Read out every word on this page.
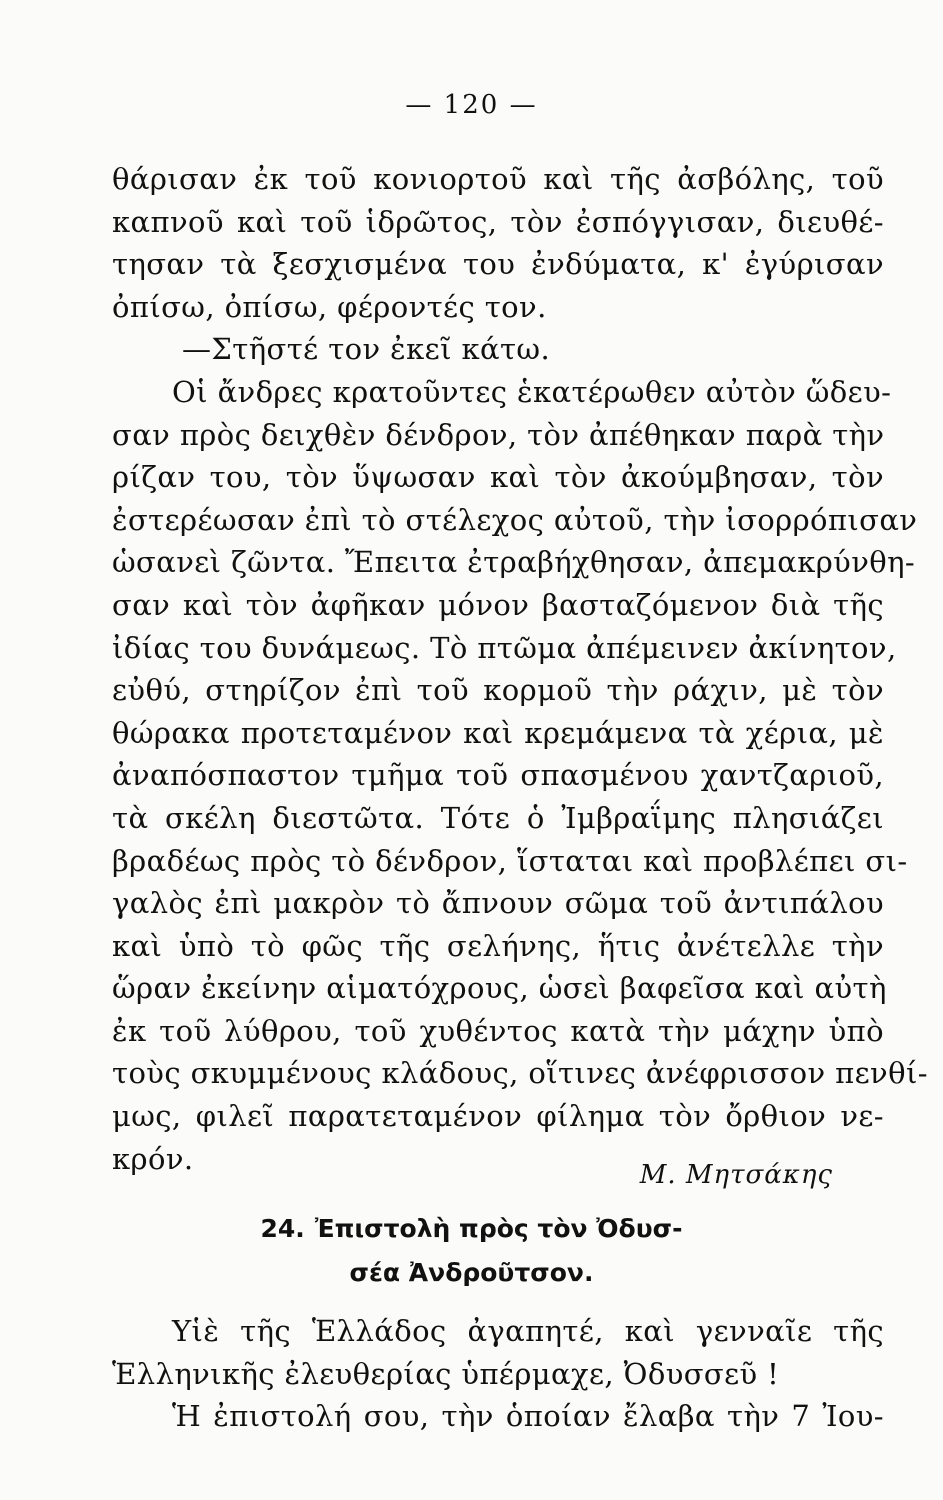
— 120 —
θάρισαν ἐκ τοῦ κονιορτοῦ καὶ τῆς ἀσβόλης, τοῦ
καπνοῦ καὶ τοῦ ἱδρῶτος, τὸν ἐσπόγγισαν, διευθέ-
τησαν τὰ ξεσχισμένα του ἐνδύματα, κ' ἐγύρισαν
ὀπίσω, ὀπίσω, φέροντές τον.
—Στῆστέ τον ἐκεῖ κάτω.
Οἱ ἄνδρες κρατοῦντες ἑκατέρωθεν αὐτὸν ὥδευ-
σαν πρὸς δειχθὲν δένδρον, τὸν ἀπέθηκαν παρὰ τὴν
ρίζαν του, τὸν ὕψωσαν καὶ τὸν ἀκούμβησαν, τὸν
ἐστερέωσαν ἐπὶ τὸ στέλεχος αὐτοῦ, τὴν ἰσορρόπισαν
ὡσανεὶ ζῶντα. Ἔπειτα ἐτραβήχθησαν, ἀπεμακρύνθη-
σαν καὶ τὸν ἀφῆκαν μόνον βασταζόμενον διὰ τῆς
ἰδίας του δυνάμεως. Τὸ πτῶμα ἀπέμεινεν ἀκίνητον,
εὐθύ, στηρίζον ἐπὶ τοῦ κορμοῦ τὴν ράχιν, μὲ τὸν
θώρακα προτεταμένον καὶ κρεμάμενα τὰ χέρια, μὲ
ἀναπόσπαστον τμῆμα τοῦ σπασμένου χαντζαριοῦ,
τὰ σκέλη διεστῶτα. Τότε ὁ Ἰμβραΐμης πλησιάζει
βραδέως πρὸς τὸ δένδρον, ἵσταται καὶ προβλέπει σι-
γαλὸς ἐπὶ μακρὸν τὸ ἄπνουν σῶμα τοῦ ἀντιπάλου
καὶ ὑπὸ τὸ φῶς τῆς σελήνης, ἥτις ἀνέτελλε τὴν
ὥραν ἐκείνην αἱματόχρους, ὡσεὶ βαφεῖσα καὶ αὐτὴ
ἐκ τοῦ λύθρου, τοῦ χυθέντος κατὰ τὴν μάχην ὑπὸ
τοὺς σκυμμένους κλάδους, οἵτινες ἀνέφρισσον πενθί-
μως, φιλεῖ παρατεταμένον φίλημα τὸν ὄρθιον νε-
κρόν.	Μ. Μητσάκης
24. Ἐπιστολὴ πρὸς τὸν Ὀδυσ-
σέα Ἀνδροῦτσον.
Υἱὲ τῆς Ἑλλάδος ἀγαπητέ, καὶ γενναῖε τῆς
Ἑλληνικῆς ἐλευθερίας ὑπέρμαχε, Ὀδυσσεῦ !
Ἡ ἐπιστολή σου, τὴν ὁποίαν ἔλαβα τὴν 7 Ἰου-
